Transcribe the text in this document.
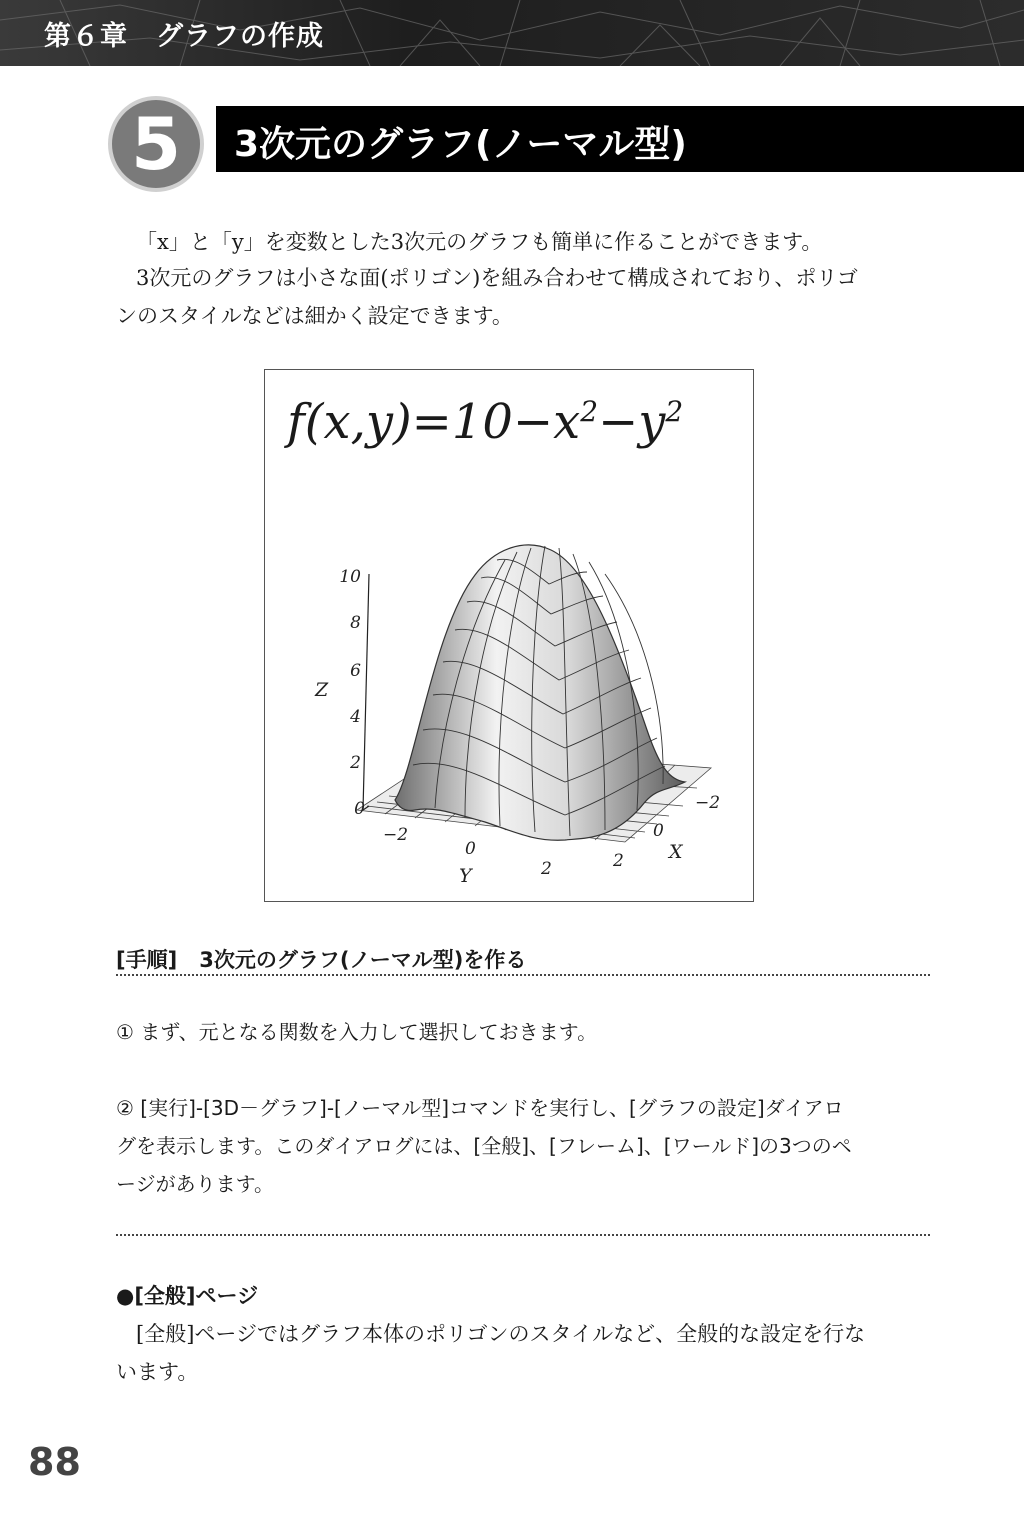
第６章　グラフの作成
5	3次元のグラフ(ノーマル型)

「x」と「y」を変数とした3次元のグラフも簡単に作ることができます。

3次元のグラフは小さな面(ポリゴン)を組み合わせて構成されており、ポリゴ

ンのスタイルなどは細かく設定できます。

$f(x,y)=10-x^2-y^2$
10
8
6
4
2
0
Z
−2
0
2
Y
−2
0
2 X
[手順] 3次元のグラフ(ノーマル型)を作る

① まず、元となる関数を入力して選択しておきます。

② [実行]-[3D－グラフ]-[ノーマル型]コマンドを実行し、[グラフの設定]ダイアロ

グを表示します。このダイアログには、[全般]、[フレーム]、[ワールド]の3つのペ

ージがあります。

●[全般]ページ

[全般]ページではグラフ本体のポリゴンのスタイルなど、全般的な設定を行な

います。

88
